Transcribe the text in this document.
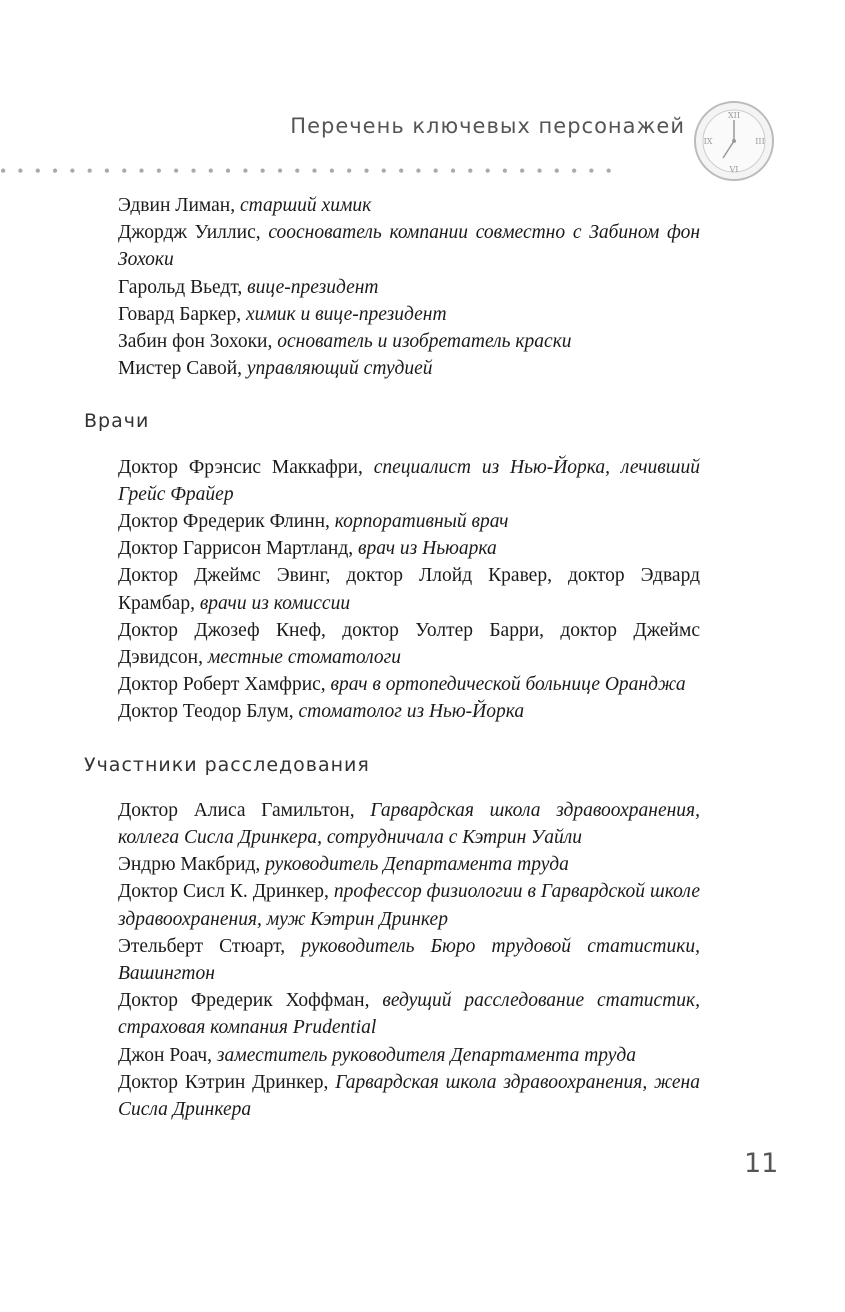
Перечень ключевых персонажей
••••••••••••••••••••••••••••••••••••
XII
III
VI
IX
Эдвин Лиман, старший химик
Джордж Уиллис, сооснователь компании совместно с Забином фон Зохоки
Гарольд Вьедт, вице-президент
Говард Баркер, химик и вице-президент
Забин фон Зохоки, основатель и изобретатель краски
Мистер Савой, управляющий студией
Врачи
Доктор Фрэнсис Маккафри, специалист из Нью-Йорка, лечивший Грейс Фрайер
Доктор Фредерик Флинн, корпоративный врач
Доктор Гаррисон Мартланд, врач из Ньюарка
Доктор Джеймс Эвинг, доктор Ллойд Кравер, доктор Эдвард Крамбар, врачи из комиссии
Доктор Джозеф Кнеф, доктор Уолтер Барри, доктор Джеймс Дэвидсон, местные стоматологи
Доктор Роберт Хамфрис, врач в ортопедической больнице Оранджа
Доктор Теодор Блум, стоматолог из Нью-Йорка
Участники расследования
Доктор Алиса Гамильтон, Гарвардская школа здравоохранения, коллега Сисла Дринкера, сотрудничала с Кэтрин Уайли
Эндрю Макбрид, руководитель Департамента труда
Доктор Сисл К. Дринкер, профессор физиологии в Гарвардской школе здравоохранения, муж Кэтрин Дринкер
Этельберт Стюарт, руководитель Бюро трудовой статистики, Вашингтон
Доктор Фредерик Хоффман, ведущий расследование статистик, страховая компания Prudential
Джон Роач, заместитель руководителя Департамента труда
Доктор Кэтрин Дринкер, Гарвардская школа здравоохранения, жена Сисла Дринкера
11
